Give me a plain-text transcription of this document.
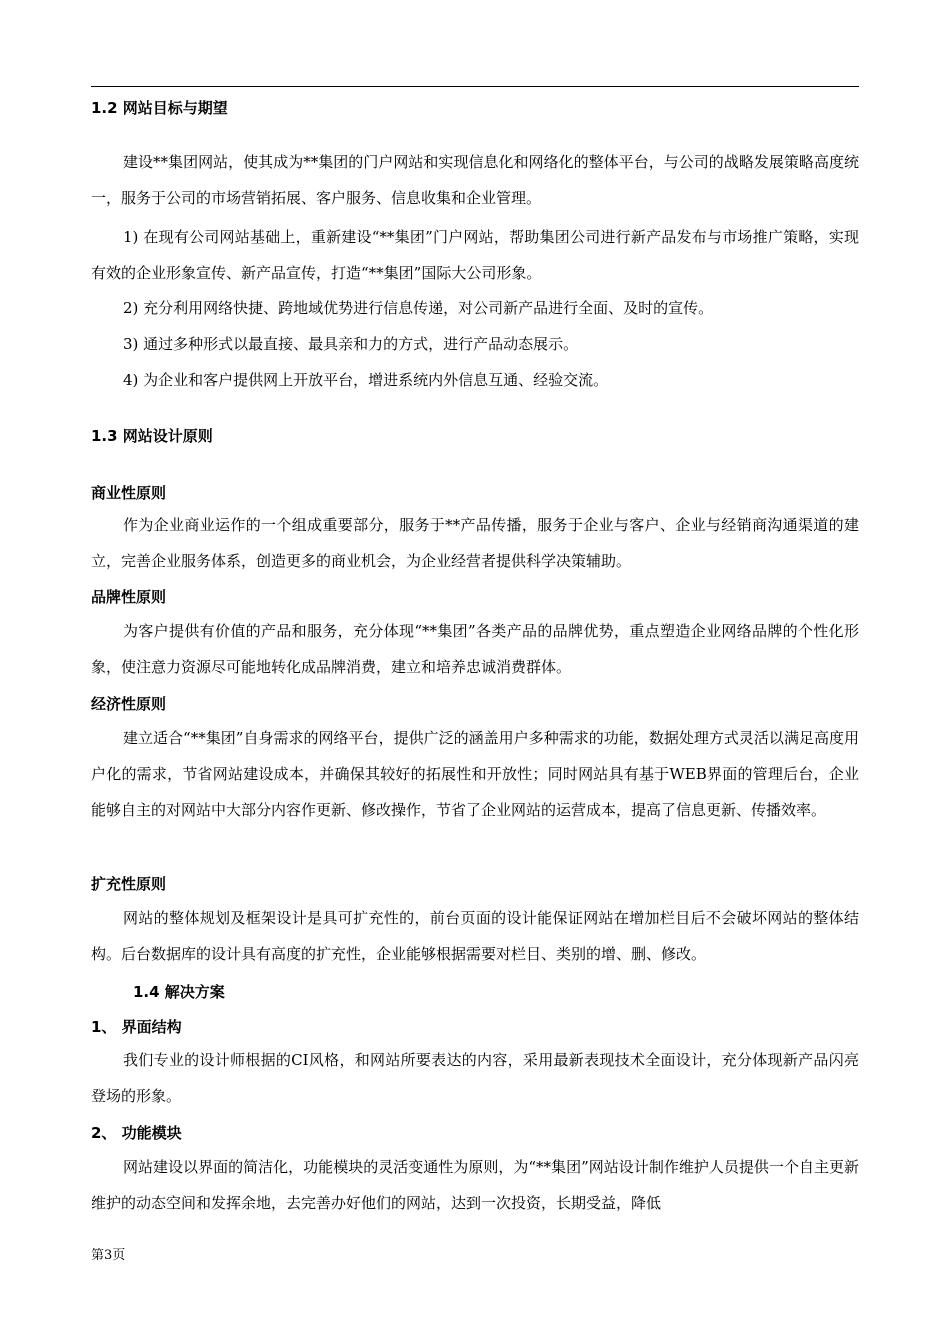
1.2 网站目标与期望

建设**集团网站，使其成为**集团的门户网站和实现信息化和网络化的整体平台，与公司的战略发展策略高度统一，服务于公司的市场营销拓展、客户服务、信息收集和企业管理。

1) 在现有公司网站基础上，重新建设“**集团”门户网站，帮助集团公司进行新产品发布与市场推广策略，实现有效的企业形象宣传、新产品宣传，打造“**集团”国际大公司形象。

2) 充分利用网络快捷、跨地域优势进行信息传递，对公司新产品进行全面、及时的宣传。

3) 通过多种形式以最直接、最具亲和力的方式，进行产品动态展示。

4) 为企业和客户提供网上开放平台，增进系统内外信息互通、经验交流。

1.3 网站设计原则
商业性原则

作为企业商业运作的一个组成重要部分，服务于**产品传播，服务于企业与客户、企业与经销商沟通渠道的建立，完善企业服务体系，创造更多的商业机会，为企业经营者提供科学决策辅助。

品牌性原则

为客户提供有价值的产品和服务，充分体现“**集团”各类产品的品牌优势，重点塑造企业网络品牌的个性化形象，使注意力资源尽可能地转化成品牌消费，建立和培养忠诚消费群体。

经济性原则

建立适合“**集团”自身需求的网络平台，提供广泛的涵盖用户多种需求的功能，数据处理方式灵活以满足高度用户化的需求，节省网站建设成本，并确保其较好的拓展性和开放性；同时网站具有基于WEB界面的管理后台，企业能够自主的对网站中大部分内容作更新、修改操作，节省了企业网站的运营成本，提高了信息更新、传播效率。

扩充性原则

网站的整体规划及框架设计是具可扩充性的，前台页面的设计能保证网站在增加栏目后不会破坏网站的整体结构。后台数据库的设计具有高度的扩充性，企业能够根据需要对栏目、类别的增、删、修改。

1.4 解决方案
1、 界面结构

我们专业的设计师根据的CI风格，和网站所要表达的内容，采用最新表现技术全面设计，充分体现新产品闪亮登场的形象。

2、 功能模块

网站建设以界面的简洁化，功能模块的灵活变通性为原则，为“**集团”网站设计制作维护人员提供一个自主更新维护的动态空间和发挥余地，去完善办好他们的网站，达到一次投资，长期受益，降低

第3页
